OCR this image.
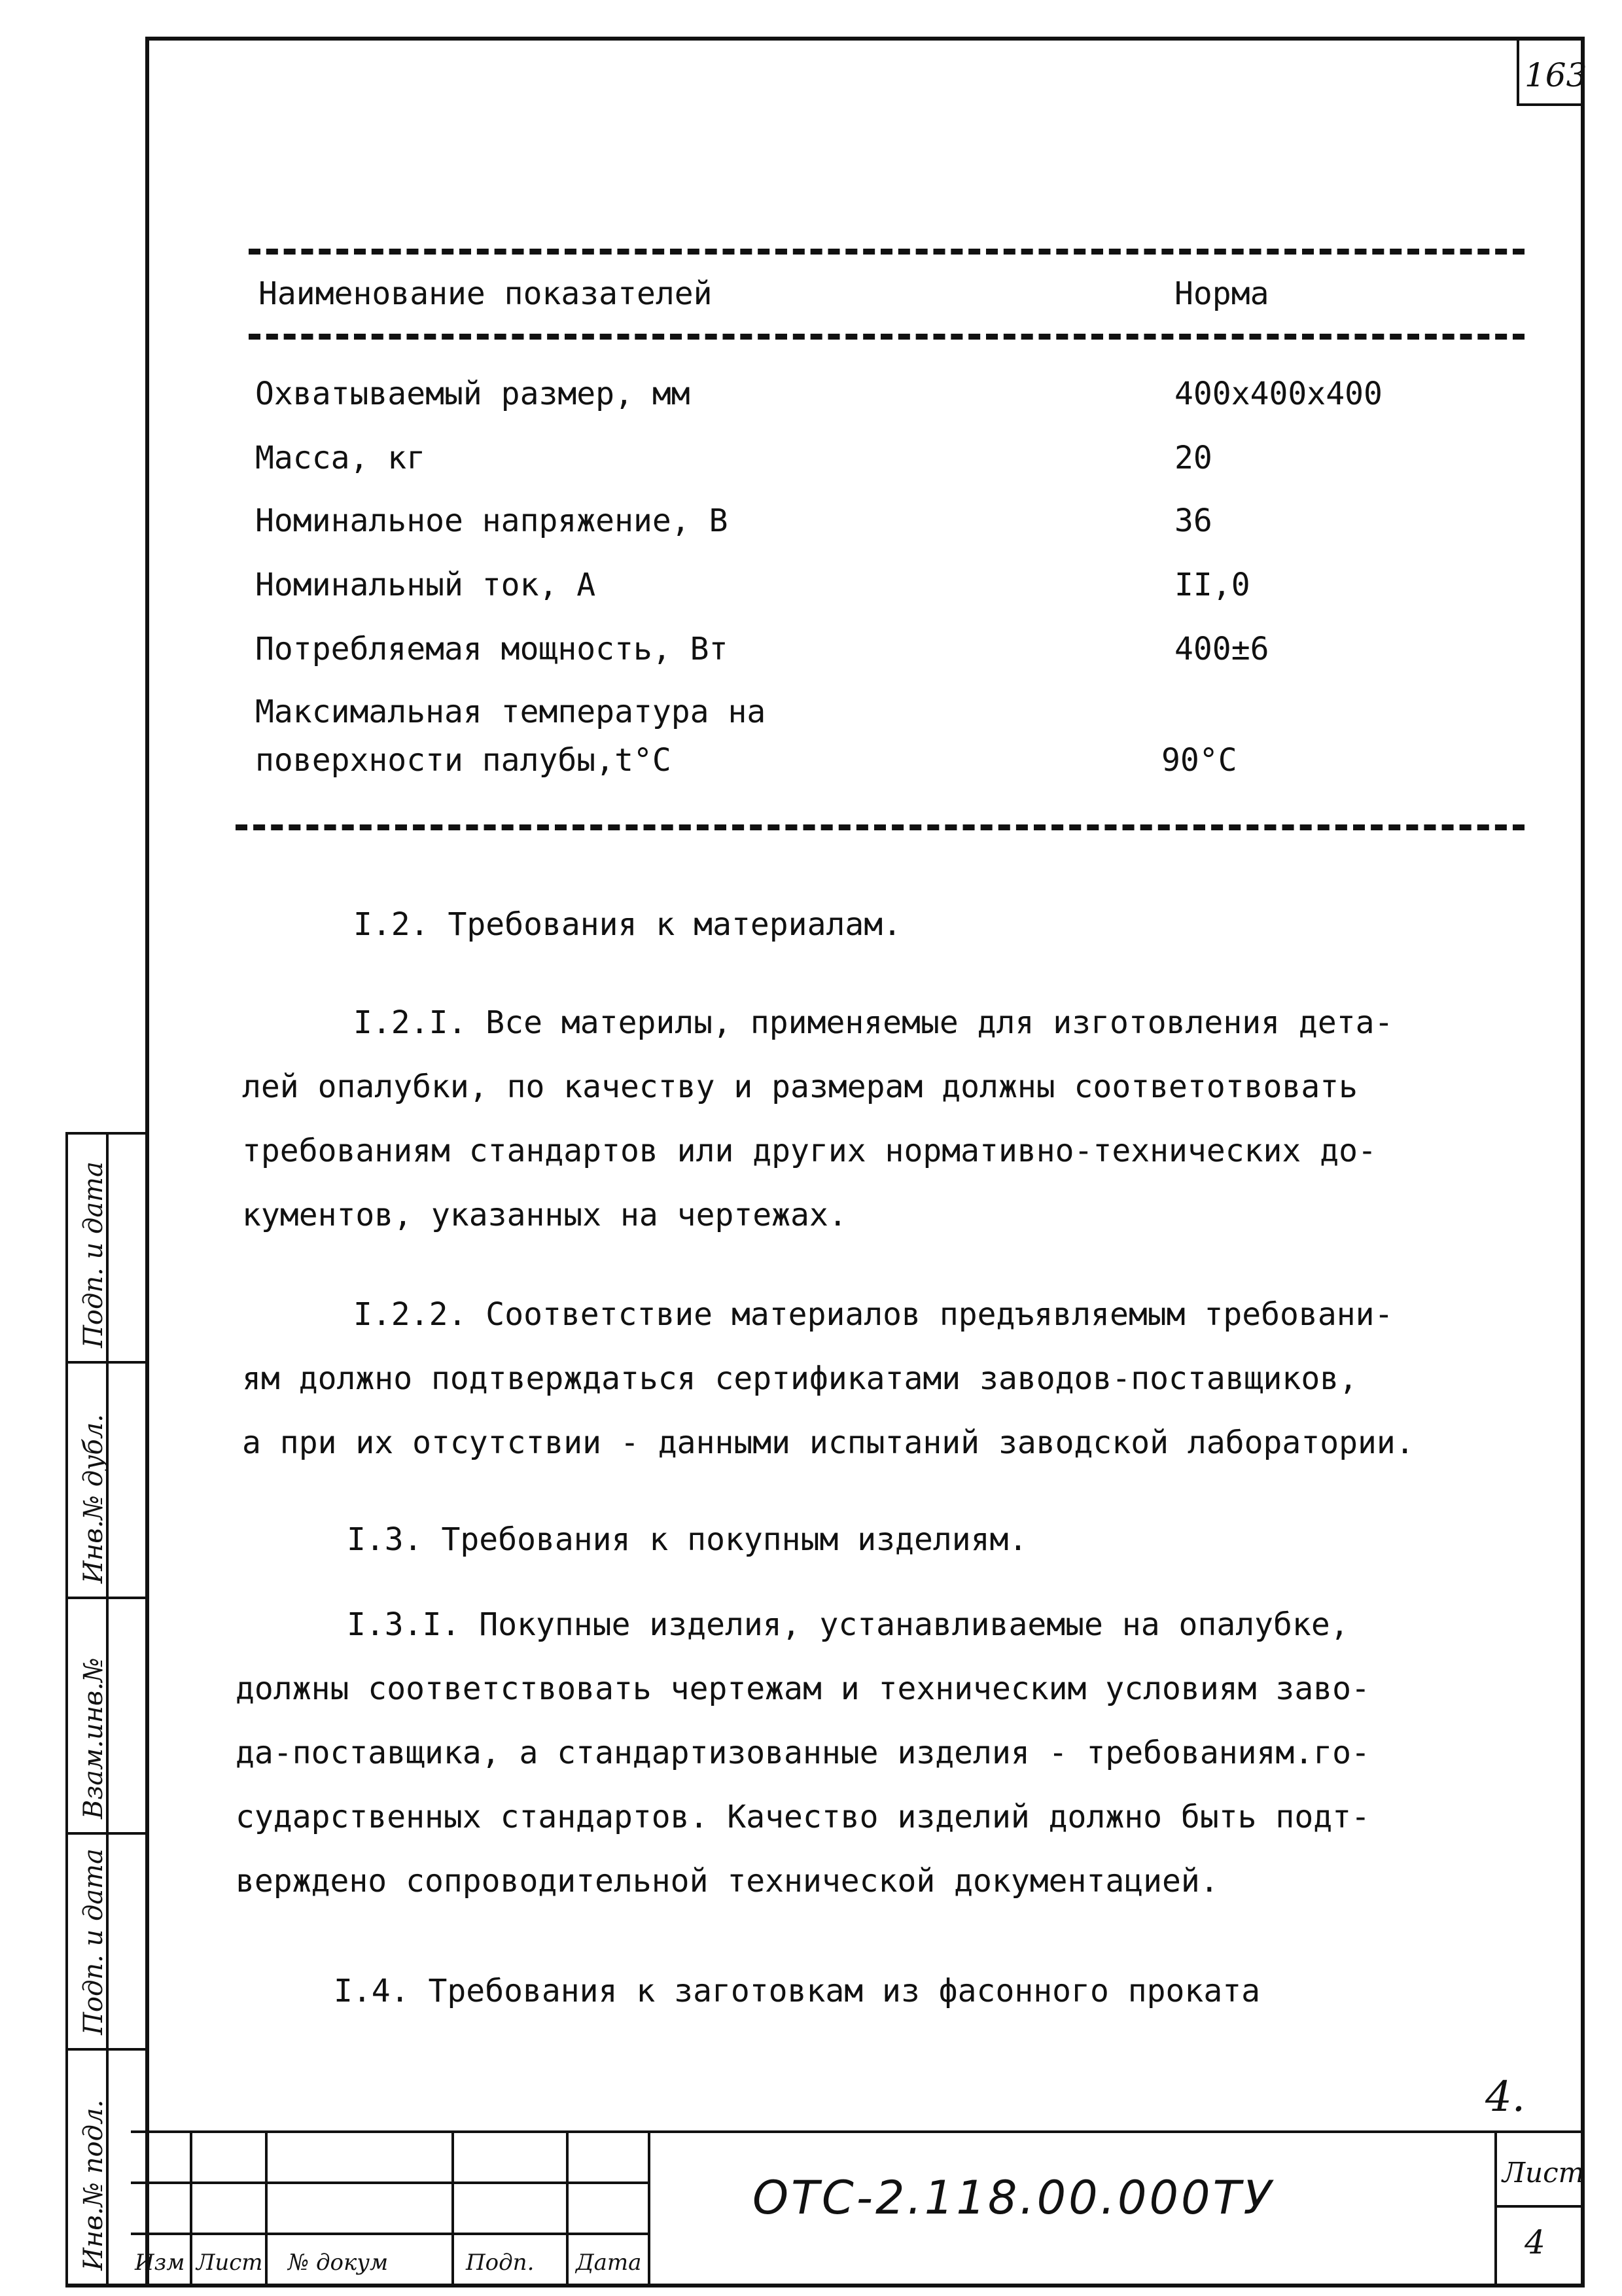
163
Наименование показателей	Норма
Охватываемый размер, мм	400х400х400
Масса, кг	20
Номинальное напряжение, В	36
Номинальный ток, А	II,0
Потребляемая мощность, Вт	400±6
Максимальная температура на
поверхности палубы,t°C	90°C
I.2. Требования к материалам.
I.2.I. Все материлы, применяемые для изготовления дета-
лей опалубки, по качеству и размерам должны соответотвовать
требованиям стандартов или других нормативно-технических до-
кументов, указанных на чертежах.
I.2.2. Соответствие материалов предъявляемым требовани-
ям должно подтверждаться сертификатами заводов-поставщиков,
а при их отсутствии - данными испытаний заводской лаборатории.
I.3. Требования к покупным изделиям.
I.3.I. Покупные изделия, устанавливаемые на опалубке,
должны соответствовать чертежам и техническим условиям заво-
да-поставщика, а стандартизованные изделия - требованиям.го-
сударственных стандартов. Качество изделий должно быть подт-
верждено сопроводительной технической документацией.
I.4. Требования к заготовкам из фасонного проката
Подп. и дата
Инв.№ дубл.
Взам.инв.№
Подп. и дата
Инв.№ подл.
4.
Изм Лист № докум	Подп. Дата
ОТС-2.118.00.000ТУ	Лист
4
